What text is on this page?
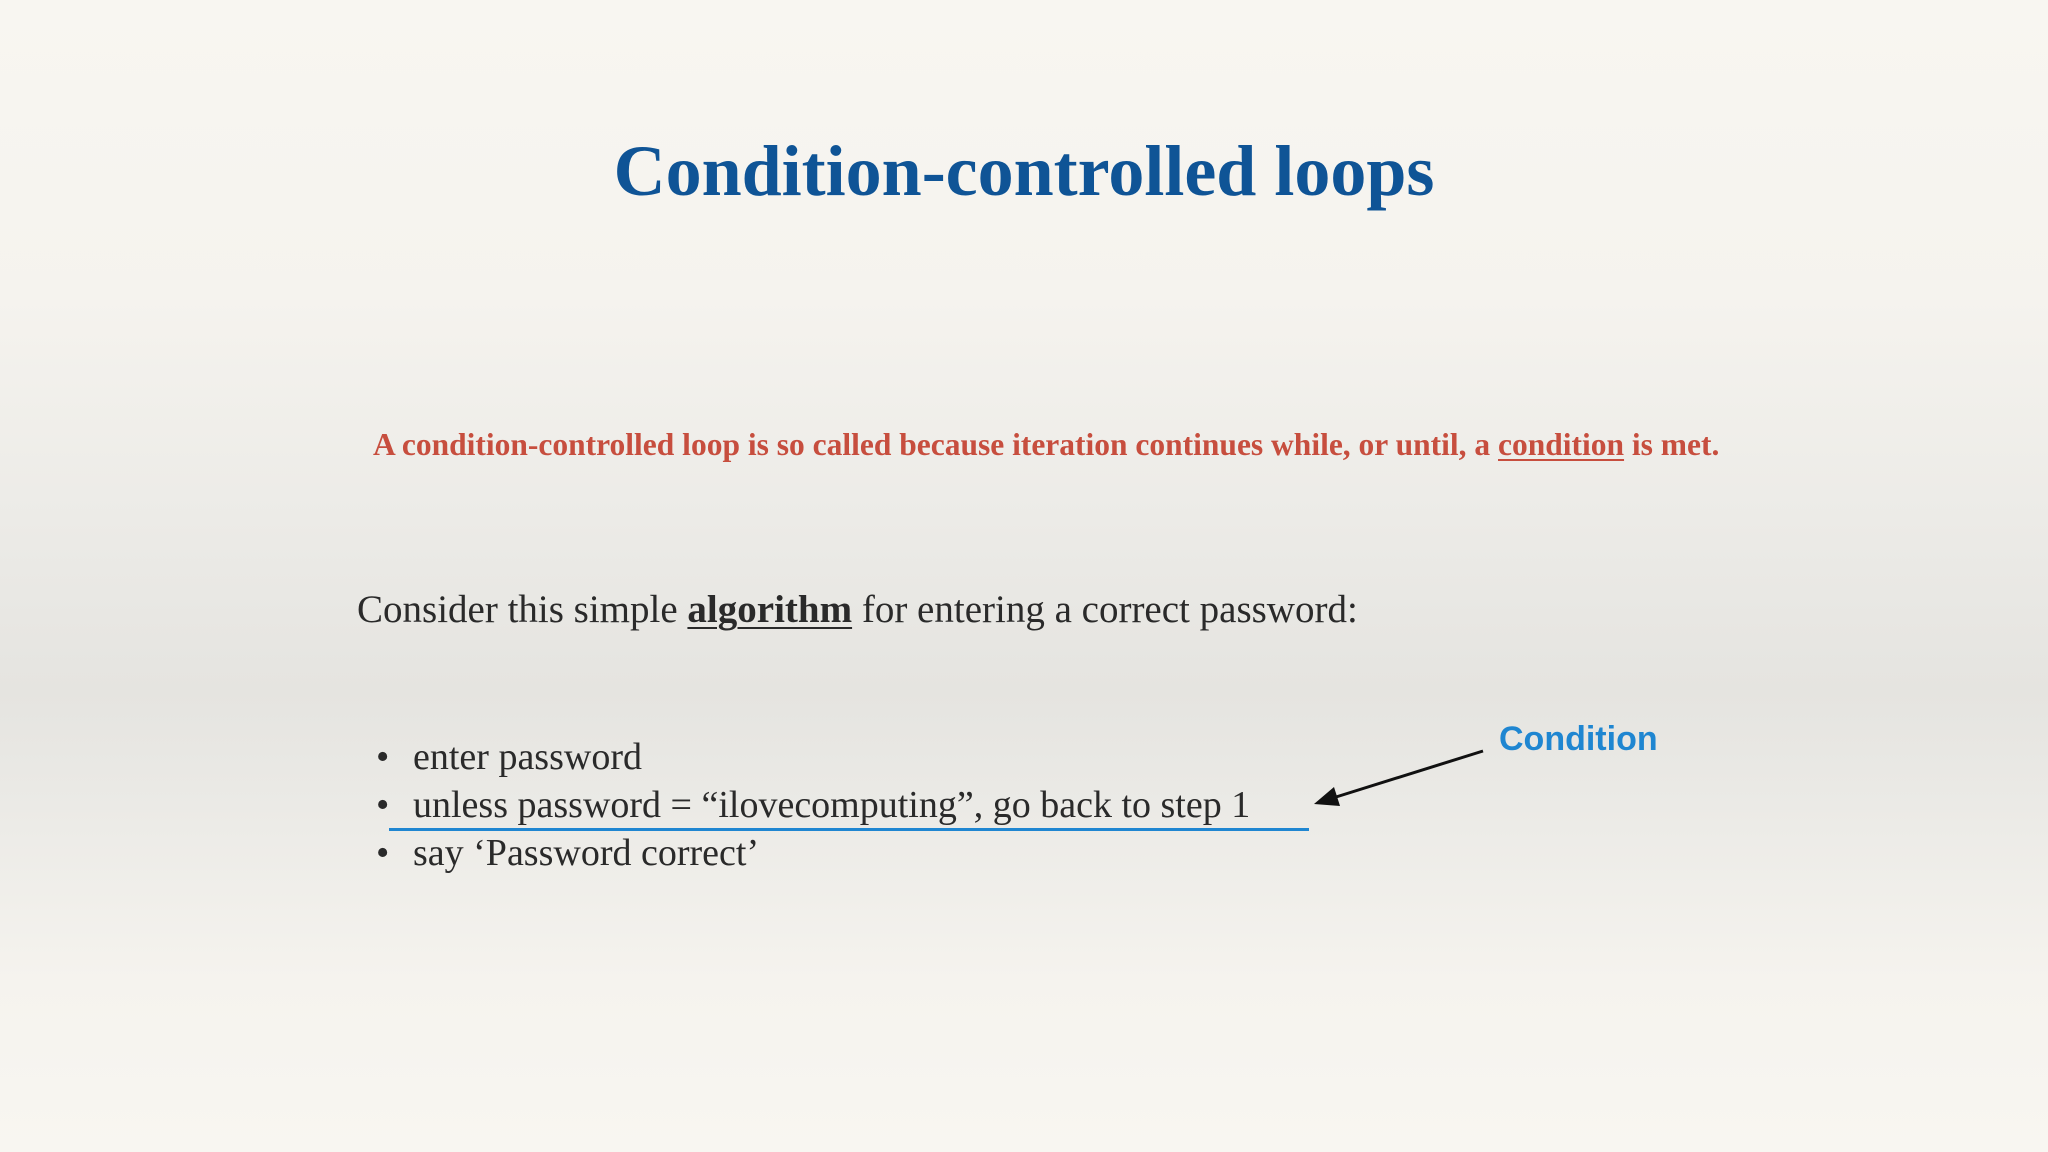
Condition-controlled loops

A condition-controlled loop is so called because iteration continues while, or until, a condition is met.

Consider this simple algorithm for entering a correct password:

• enter password
• unless password = “ilovecomputing”, go back to step 1
• say ‘Password correct’
Condition
